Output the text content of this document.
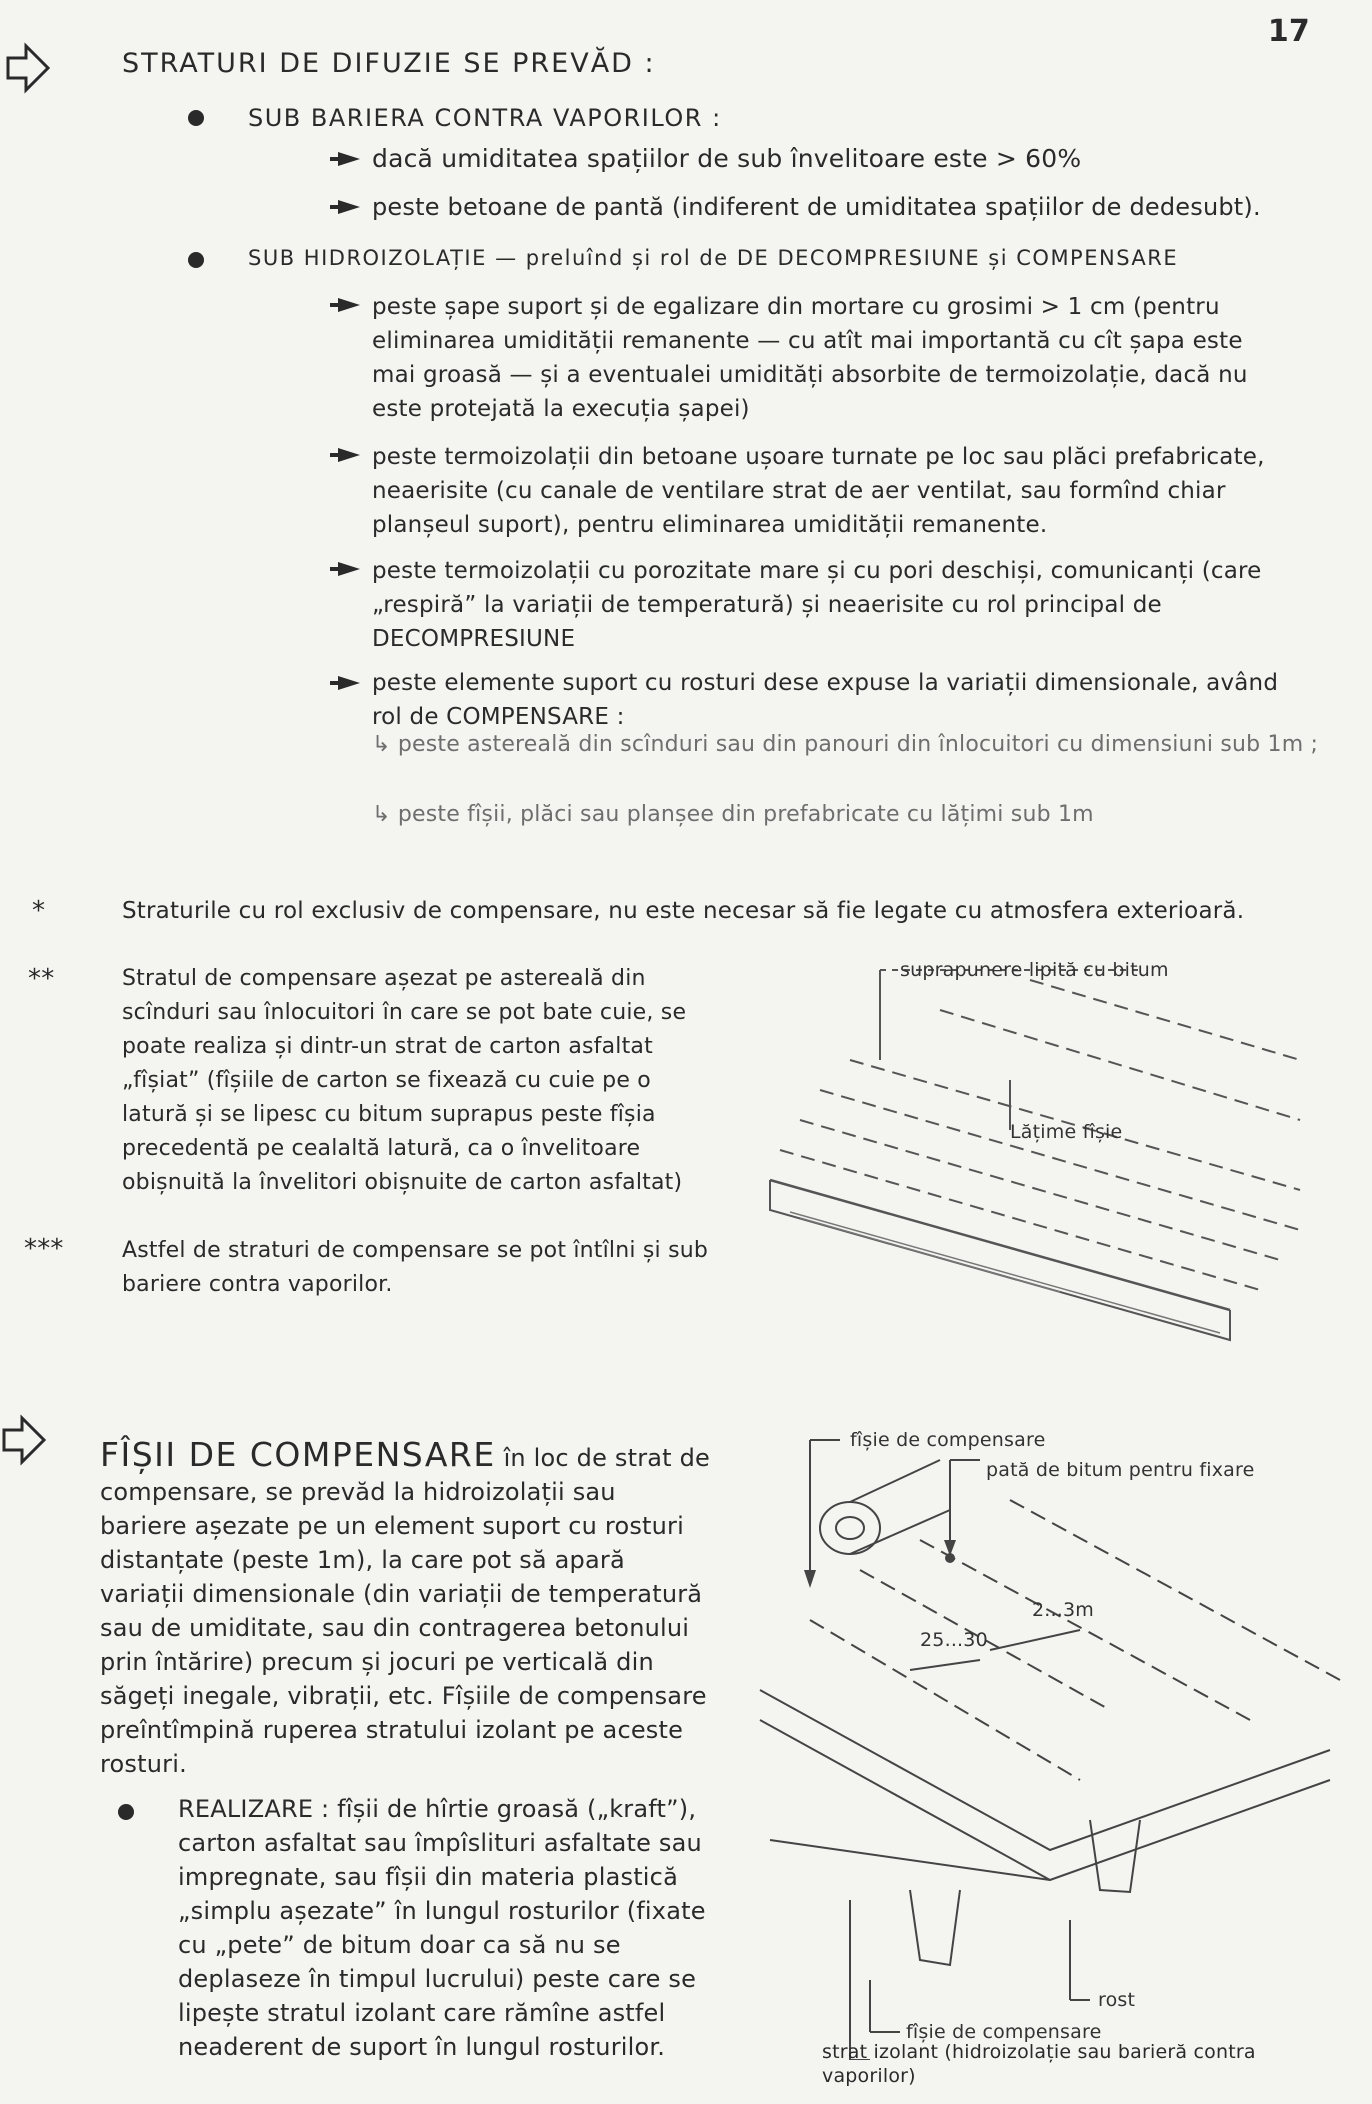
17
STRATURI DE DIFUZIE SE PREVĂD :
SUB BARIERA CONTRA VAPORILOR :
dacă umiditatea spațiilor de sub învelitoare este > 60%
peste betoane de pantă (indiferent de umiditatea spațiilor de dedesubt).
SUB HIDROIZOLAȚIE — preluînd și rol de DE DECOMPRESIUNE și COMPENSARE
peste șape suport și de egalizare din mortare cu grosimi > 1 cm (pentru eliminarea umidității remanente — cu atît mai importantă cu cît șapa este mai groasă — și a eventualei umidități absorbite de termoizolație, dacă nu este protejată la execuția șapei)
peste termoizolații din betoane ușoare turnate pe loc sau plăci prefabricate, neaerisite (cu canale de ventilare strat de aer ventilat, sau formînd chiar planșeul suport), pentru eliminarea umidității remanente.
peste termoizolații cu porozitate mare și cu pori deschiși, comunicanți (care „respiră” la variații de temperatură) și neaerisite cu rol principal de DECOMPRESIUNE
peste elemente suport cu rosturi dese expuse la variații dimensionale, având rol de COMPENSARE :
↳ peste astereală din scînduri sau din panouri din înlocuitori cu dimensiuni sub 1m ;
↳ peste fîșii, plăci sau planșee din prefabricate cu lățimi sub 1m
*	Straturile cu rol exclusiv de compensare, nu este necesar să fie legate cu atmosfera exterioară.
**	Stratul de compensare așezat pe astereală din scînduri sau înlocuitori în care se pot bate cuie, se poate realiza și dintr-un strat de carton asfaltat „fîșiat” (fîșiile de carton se fixează cu cuie pe o latură și se lipesc cu bitum suprapus peste fîșia precedentă pe cealaltă latură, ca o învelitoare obișnuită la învelitori obișnuite de carton asfaltat)
***	Astfel de straturi de compensare se pot întîlni și sub bariere contra vaporilor.
suprapunere lipită cu bitum
Lățime fîșie
FÎȘII DE COMPENSARE în loc de strat de compensare, se prevăd la hidroizolații sau bariere așezate pe un element suport cu rosturi distanțate (peste 1m), la care pot să apară variații dimensionale (din variații de temperatură sau de umiditate, sau din contragerea betonului prin întărire) precum și jocuri pe verticală din săgeți inegale, vibrații, etc. Fîșiile de compensare preîntîmpină ruperea stratului izolant pe aceste rosturi.
REALIZARE : fîșii de hîrtie groasă („kraft”), carton asfaltat sau împîslituri asfaltate sau impregnate, sau fîșii din materia plastică „simplu așezate” în lungul rosturilor (fixate cu „pete” de bitum doar ca să nu se deplaseze în timpul lucrului) peste care se lipește stratul izolant care rămîne astfel neaderent de suport în lungul rosturilor.
fîșie de compensare
pată de bitum pentru fixare
25...30
2...3m
rost
fîșie de compensare
strat izolant (hidroizolație sau barieră contra vaporilor)
